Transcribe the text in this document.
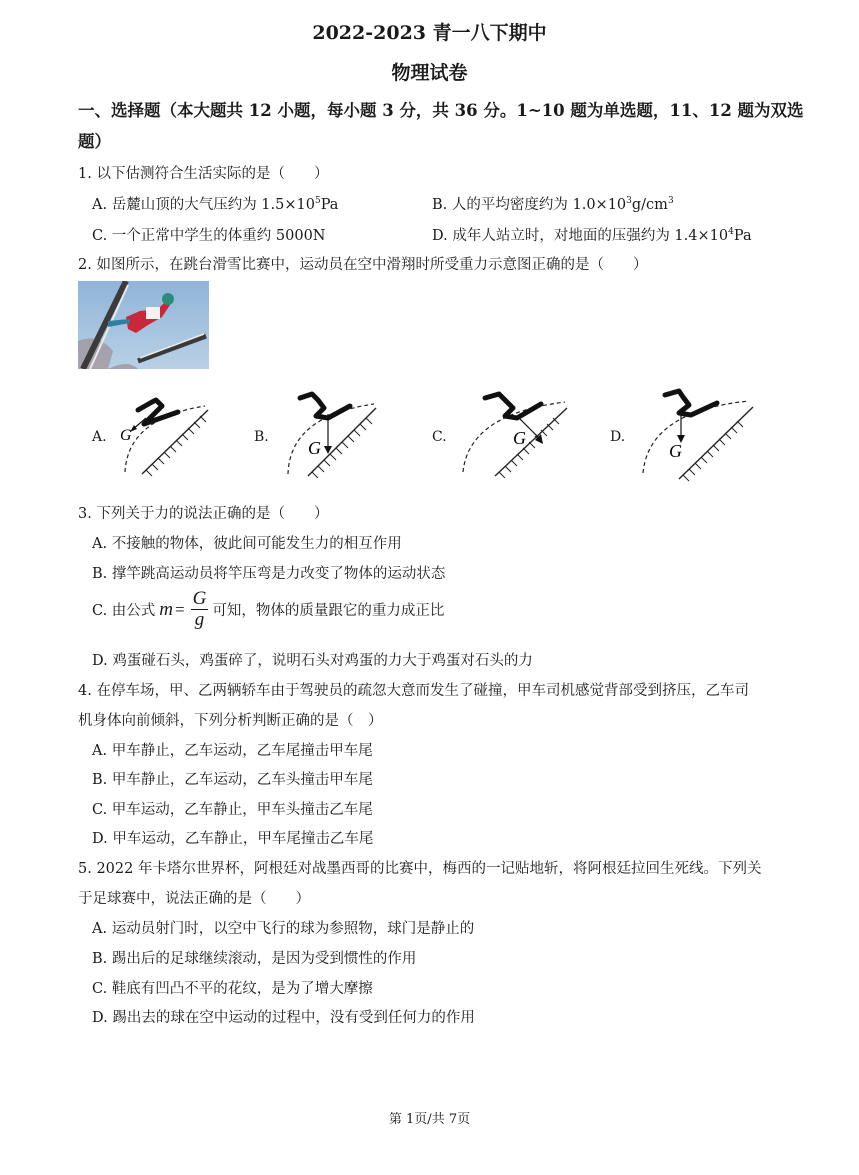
2022-2023 青一八下期中
物理试卷
一、选择题（本大题共 12 小题，每小题 3 分，共 36 分。1~10 题为单选题，11、12 题为双选
题）
1. 以下估测符合生活实际的是（　　）
A. 岳麓山顶的大气压约为 $1.5\times 10^5Pa$	B. 人的平均密度约为 $1.0\times 10^3g/cm^3$
C. 一个正常中学生的体重约 5000N	D. 成年人站立时，对地面的压强约为 $1.4\times 10^4Pa$
2. 如图所示，在跳台滑雪比赛中，运动员在空中滑翔时所受重力示意图正确的是（　　）
A. G	B.
G
C.	G	D.
G
3. 下列关于力的说法正确的是（　　）
A. 不接触的物体，彼此间可能发生力的相互作用
B. 撑竿跳高运动员将竿压弯是力改变了物体的运动状态
C. 由公式 $m = \frac{G}{g}$ 可知，物体的质量跟它的重力成正比
D. 鸡蛋碰石头，鸡蛋碎了，说明石头对鸡蛋的力大于鸡蛋对石头的力
4. 在停车场，甲、乙两辆轿车由于驾驶员的疏忽大意而发生了碰撞，甲车司机感觉背部受到挤压，乙车司
机身体向前倾斜，下列分析判断正确的是（　）
A. 甲车静止，乙车运动，乙车尾撞击甲车尾
B. 甲车静止，乙车运动，乙车头撞击甲车尾
C. 甲车运动，乙车静止，甲车头撞击乙车尾
D. 甲车运动，乙车静止，甲车尾撞击乙车尾
5. 2022 年卡塔尔世界杯，阿根廷对战墨西哥的比赛中，梅西的一记贴地斩，将阿根廷拉回生死线。下列关
于足球赛中，说法正确的是（　　）
A. 运动员射门时，以空中飞行的球为参照物，球门是静止的
B. 踢出后的足球继续滚动，是因为受到惯性的作用
C. 鞋底有凹凸不平的花纹，是为了增大摩擦
D. 踢出去的球在空中运动的过程中，没有受到任何力的作用
第 1页/共 7页
